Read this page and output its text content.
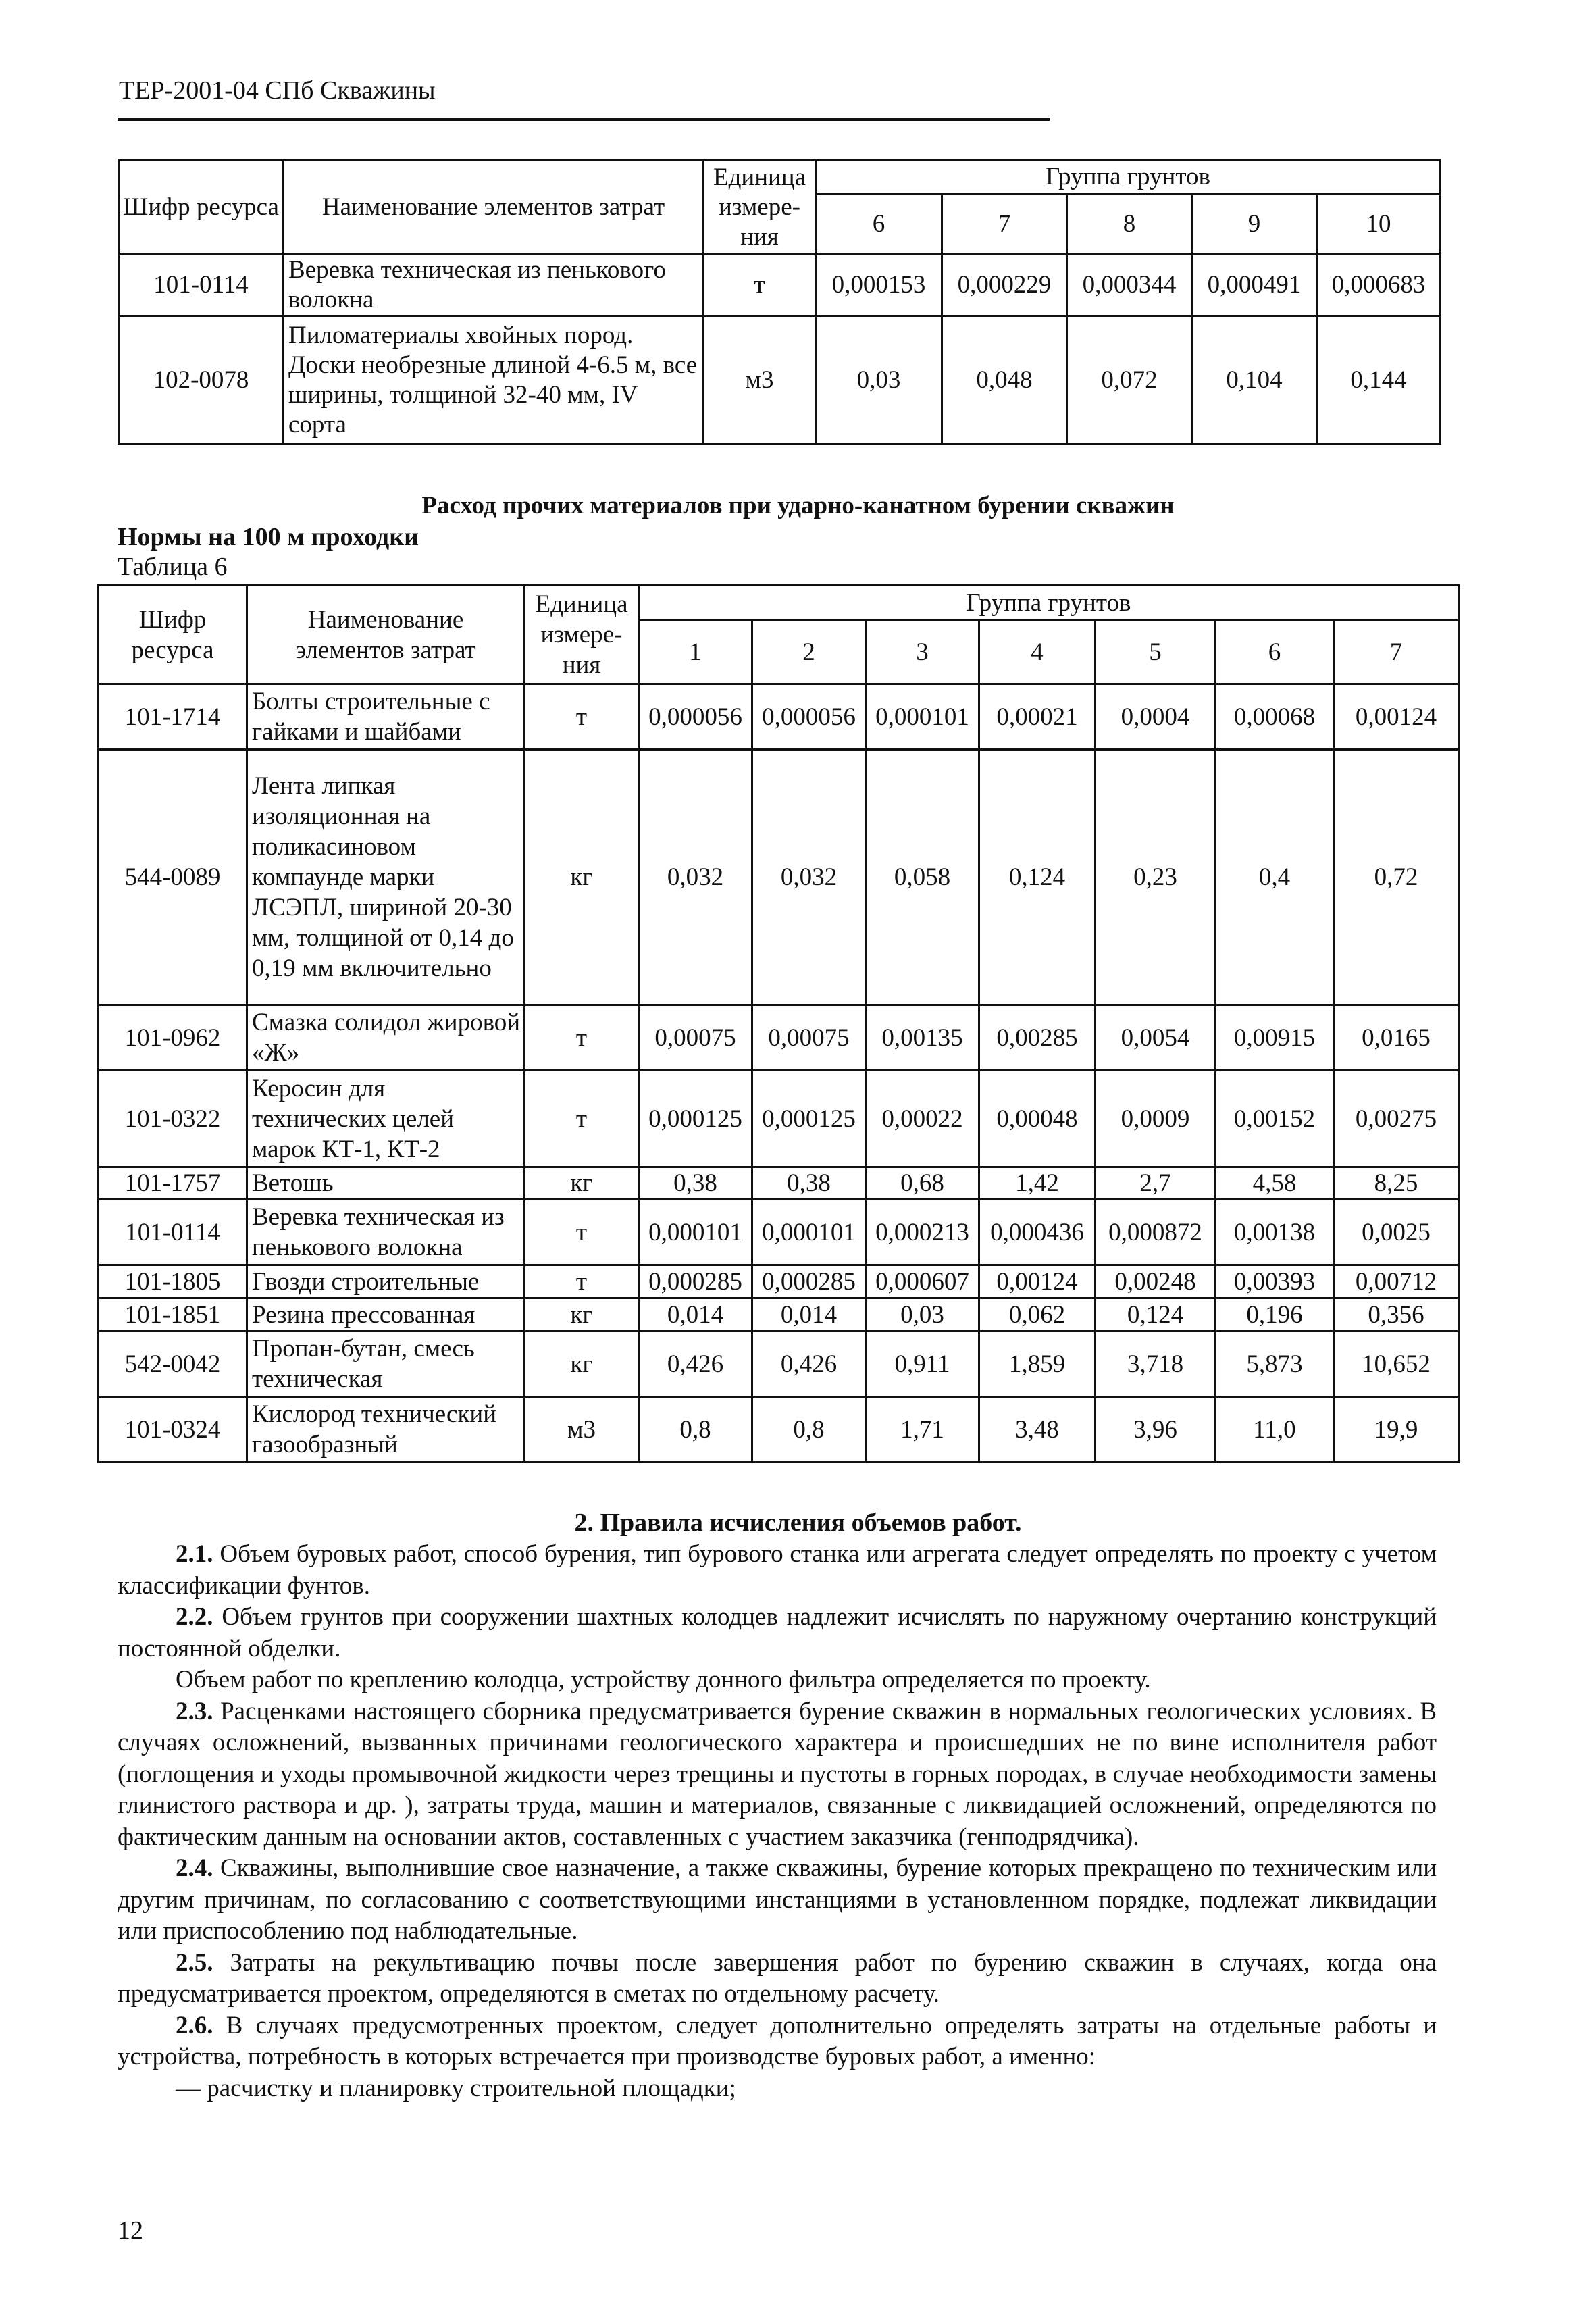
ТЕР-2001-04 СПб Скважины
Шифр ресурса	Наименование элементов затрат	Единица измере-ния	Группа грунтов				
			6	7	8	9	10
101-0114	Веревка техническая из пенькового волокна	т	0,000153	0,000229	0,000344	0,000491	0,000683
102-0078	Пиломатериалы хвойных пород. Доски необрезные длиной 4-6.5 м, все ширины, толщиной 32-40 мм, IV сорта	м3	0,03	0,048	0,072	0,104	0,144
Расход прочих материалов при ударно-канатном бурении скважин
Нормы на 100 м проходки
Таблица 6
Шифр ресурса	Наименование элементов затрат	Единица измере-ния	Группа грунтов						
			1	2	3	4	5	6	7
101-1714	Болты строительные с гайками и шайбами	т	0,000056	0,000056	0,000101	0,00021	0,0004	0,00068	0,00124
544-0089	Лента липкая изоляционная на поликасиновом компаунде марки ЛСЭПЛ, шириной 20-30 мм, толщиной от 0,14 до 0,19 мм включительно	кг	0,032	0,032	0,058	0,124	0,23	0,4	0,72
101-0962	Смазка солидол жировой «Ж»	т	0,00075	0,00075	0,00135	0,00285	0,0054	0,00915	0,0165
101-0322	Керосин для технических целей марок КТ-1, КТ-2	т	0,000125	0,000125	0,00022	0,00048	0,0009	0,00152	0,00275
101-1757	Ветошь	кг	0,38	0,38	0,68	1,42	2,7	4,58	8,25
101-0114	Веревка техническая из пенькового волокна	т	0,000101	0,000101	0,000213	0,000436	0,000872	0,00138	0,0025
101-1805	Гвозди строительные	т	0,000285	0,000285	0,000607	0,00124	0,00248	0,00393	0,00712
101-1851	Резина прессованная	кг	0,014	0,014	0,03	0,062	0,124	0,196	0,356
542-0042	Пропан-бутан, смесь техническая	кг	0,426	0,426	0,911	1,859	3,718	5,873	10,652
101-0324	Кислород технический газообразный	м3	0,8	0,8	1,71	3,48	3,96	11,0	19,9
2. Правила исчисления объемов работ.

2.1. Объем буровых работ, способ бурения, тип бурового станка или агрегата следует определять по проекту с учетом классификации фунтов.

2.2. Объем грунтов при сооружении шахтных колодцев надлежит исчислять по наружному очертанию конструкций постоянной обделки.

Объем работ по креплению колодца, устройству донного фильтра определяется по проекту.

2.3. Расценками настоящего сборника предусматривается бурение скважин в нормальных геологических условиях. В случаях осложнений, вызванных причинами геологического характера и происшедших не по вине исполнителя работ (поглощения и уходы промывочной жидкости через трещины и пустоты в горных породах, в случае необходимости замены глинистого раствора и др. ), затраты труда, машин и материалов, связанные с ликвидацией осложнений, определяются по фактическим данным на основании актов, составленных с участием заказчика (генподрядчика).

2.4. Скважины, выполнившие свое назначение, а также скважины, бурение которых прекращено по техническим или другим причинам, по согласованию с соответствующими инстанциями в установленном порядке, подлежат ликвидации или приспособлению под наблюдательные.

2.5. Затраты на рекультивацию почвы после завершения работ по бурению скважин в случаях, когда она предусматривается проектом, определяются в сметах по отдельному расчету.

2.6. В случаях предусмотренных проектом, следует дополнительно определять затраты на отдельные работы и устройства, потребность в которых встречается при производстве буровых работ, а именно:

— расчистку и планировку строительной площадки;

12
